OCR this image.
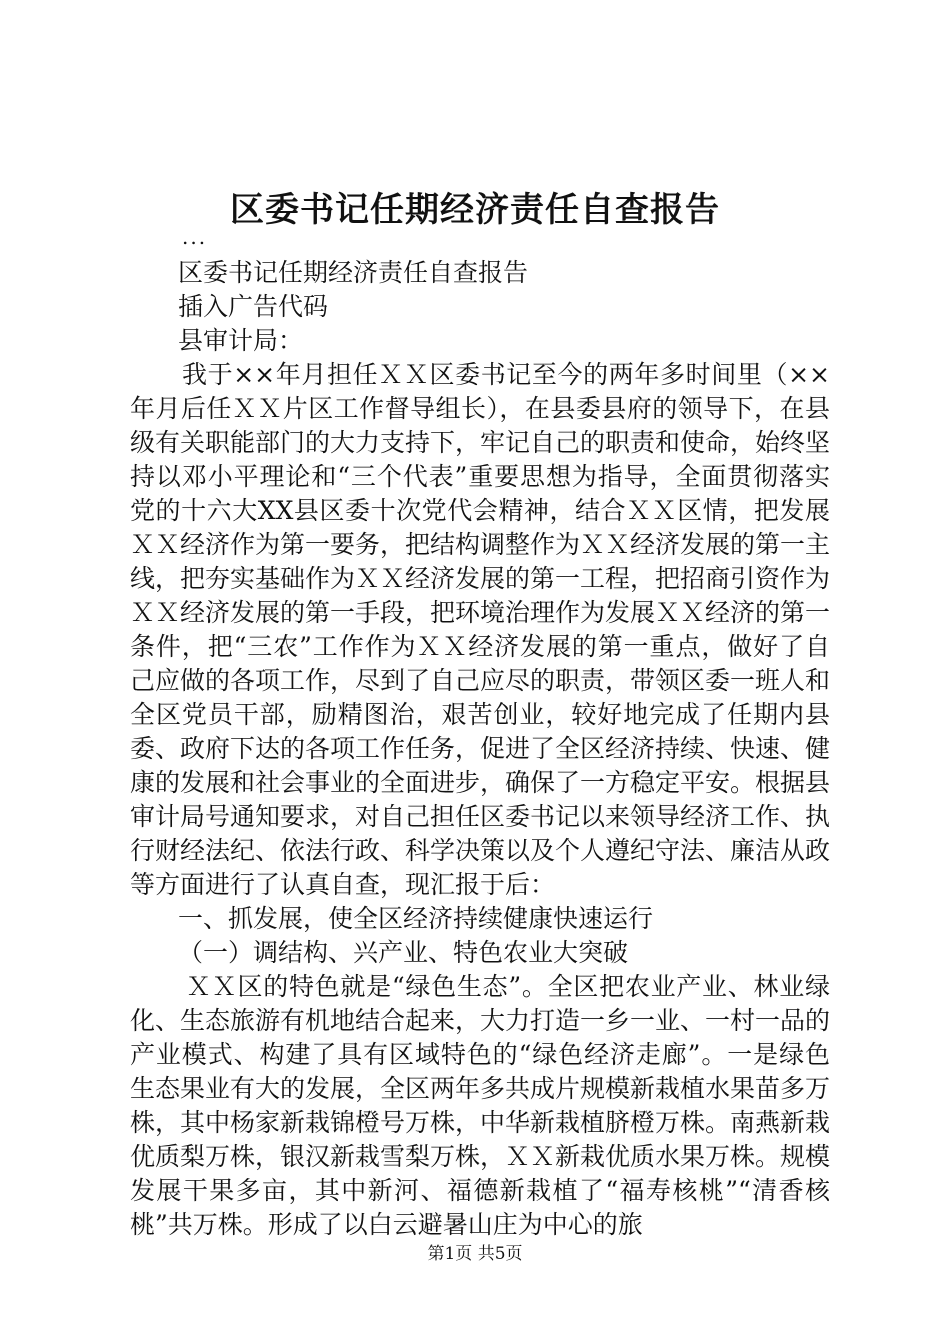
区委书记任期经济责任自查报告
...
区委书记任期经济责任自查报告
插入广告代码
县审计局：
我于××年月担任ＸＸ区委书记至今的两年多时间里（××年月后任ＸＸ片区工作督导组长），在县委县府的领导下，在县级有关职能部门的大力支持下，牢记自己的职责和使命，始终坚持以邓小平理论和“三个代表”重要思想为指导，全面贯彻落实党的十六大XX县区委十次党代会精神，结合ＸＸ区情，把发展ＸＸ经济作为第一要务，把结构调整作为ＸＸ经济发展的第一主线，把夯实基础作为ＸＸ经济发展的第一工程，把招商引资作为ＸＸ经济发展的第一手段，把环境治理作为发展ＸＸ经济的第一条件，把“三农”工作作为ＸＸ经济发展的第一重点，做好了自己应做的各项工作，尽到了自己应尽的职责，带领区委一班人和全区党员干部，励精图治，艰苦创业，较好地完成了任期内县委、政府下达的各项工作任务，促进了全区经济持续、快速、健康的发展和社会事业的全面进步，确保了一方稳定平安。根据县审计局号通知要求，对自己担任区委书记以来领导经济工作、执行财经法纪、依法行政、科学决策以及个人遵纪守法、廉洁从政等方面进行了认真自查，现汇报于后：
一、抓发展，使全区经济持续健康快速运行
（一）调结构、兴产业、特色农业大突破
ＸＸ区的特色就是“绿色生态”。全区把农业产业、林业绿化、生态旅游有机地结合起来，大力打造一乡一业、一村一品的产业模式、构建了具有区域特色的“绿色经济走廊”。一是绿色生态果业有大的发展，全区两年多共成片规模新栽植水果苗多万株，其中杨家新栽锦橙号万株，中华新栽植脐橙万株。南燕新栽优质梨万株，银汉新栽雪梨万株，ＸＸ新栽优质水果万株。规模发展干果多亩，其中新河、福德新栽植了“福寿核桃”“清香核桃”共万株。形成了以白云避暑山庄为中心的旅
第1页 共5页
